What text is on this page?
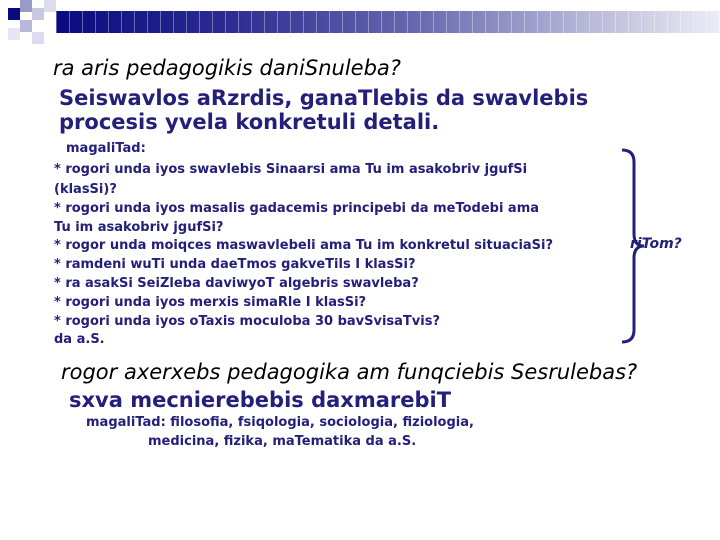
ra aris pedagogikis daniSnuleba?
Seiswavlos aRzrdis, ganaTlebis da swavlebis
procesis yvela konkretuli detali.
magaliTad:
* rogori unda iyos swavlebis Sinaarsi ama Tu im asakobriv jgufSi
(klasSi)?
* rogori unda iyos masalis gadacemis principebi da meTodebi ama
Tu im asakobriv jgufSi?
* rogor unda moiqces maswavlebeli ama Tu im konkretul situaciaSi?
* ramdeni wuTi unda daeTmos gakveTils I klasSi?
* ra asakSi SeiZleba daviwyoT algebris swavleba?
* rogori unda iyos merxis simaRle I klasSi?
* rogori unda iyos oTaxis moculoba 30 bavSvisaTvis?
da a.S.
riTom?
rogor axerxebs pedagogika am funqciebis Sesrulebas?
sxva mecnierebebis daxmarebiT
magaliTad: filosofia, fsiqologia, sociologia, fiziologia,
medicina, fizika, maTematika da a.S.
